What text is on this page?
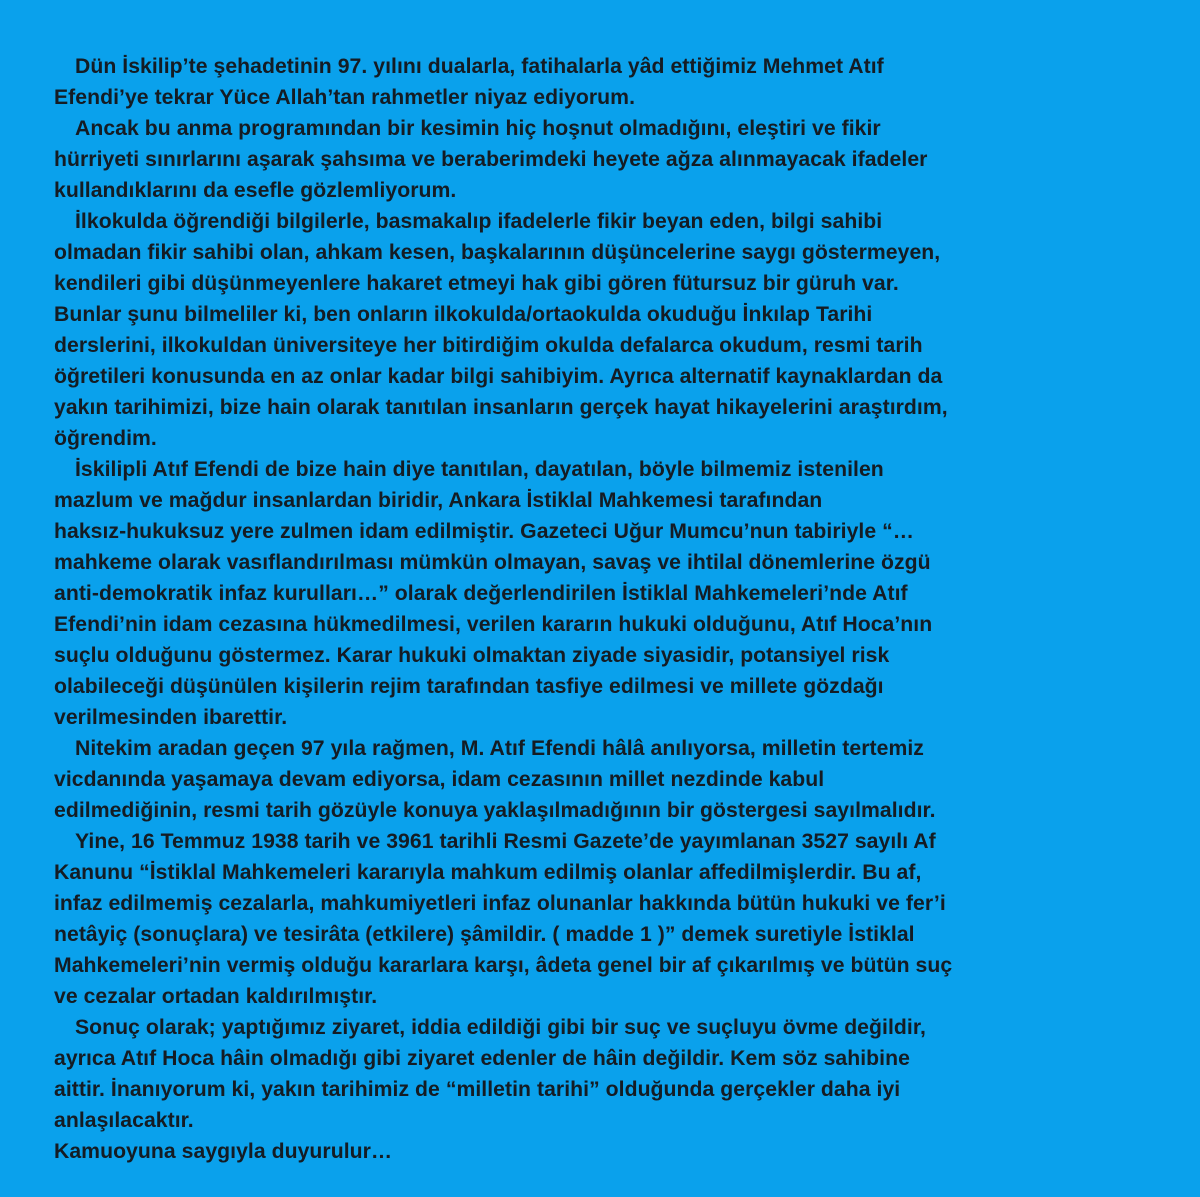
Dün İskilip’te şehadetinin 97. yılını dualarla, fatihalarla yâd ettiğimiz Mehmet Atıf
Efendi’ye tekrar Yüce Allah’tan rahmetler niyaz ediyorum.
Ancak bu anma programından bir kesimin hiç hoşnut olmadığını, eleştiri ve fikir
hürriyeti sınırlarını aşarak şahsıma ve beraberimdeki heyete ağza alınmayacak ifadeler
kullandıklarını da esefle gözlemliyorum.
İlkokulda öğrendiği bilgilerle, basmakalıp ifadelerle fikir beyan eden, bilgi sahibi
olmadan fikir sahibi olan, ahkam kesen, başkalarının düşüncelerine saygı göstermeyen,
kendileri gibi düşünmeyenlere hakaret etmeyi hak gibi gören fütursuz bir güruh var.
Bunlar şunu bilmeliler ki, ben onların ilkokulda/ortaokulda okuduğu İnkılap Tarihi
derslerini, ilkokuldan üniversiteye her bitirdiğim okulda defalarca okudum, resmi tarih
öğretileri konusunda en az onlar kadar bilgi sahibiyim. Ayrıca alternatif kaynaklardan da
yakın tarihimizi, bize hain olarak tanıtılan insanların gerçek hayat hikayelerini araştırdım,
öğrendim.
İskilipli Atıf Efendi de bize hain diye tanıtılan, dayatılan, böyle bilmemiz istenilen
mazlum ve mağdur insanlardan biridir, Ankara İstiklal Mahkemesi tarafından
haksız-hukuksuz yere zulmen idam edilmiştir. Gazeteci Uğur Mumcu’nun tabiriyle “…
mahkeme olarak vasıflandırılması mümkün olmayan, savaş ve ihtilal dönemlerine özgü
anti-demokratik infaz kurulları…” olarak değerlendirilen İstiklal Mahkemeleri’nde Atıf
Efendi’nin idam cezasına hükmedilmesi, verilen kararın hukuki olduğunu, Atıf Hoca’nın
suçlu olduğunu göstermez. Karar hukuki olmaktan ziyade siyasidir, potansiyel risk
olabileceği düşünülen kişilerin rejim tarafından tasfiye edilmesi ve millete gözdağı
verilmesinden ibarettir.
Nitekim aradan geçen 97 yıla rağmen, M. Atıf Efendi hâlâ anılıyorsa, milletin tertemiz
vicdanında yaşamaya devam ediyorsa, idam cezasının millet nezdinde kabul
edilmediğinin, resmi tarih gözüyle konuya yaklaşılmadığının bir göstergesi sayılmalıdır.
Yine, 16 Temmuz 1938 tarih ve 3961 tarihli Resmi Gazete’de yayımlanan 3527 sayılı Af
Kanunu “İstiklal Mahkemeleri kararıyla mahkum edilmiş olanlar affedilmişlerdir. Bu af,
infaz edilmemiş cezalarla, mahkumiyetleri infaz olunanlar hakkında bütün hukuki ve fer’i
netâyiç (sonuçlara) ve tesirâta (etkilere) şâmildir. ( madde 1 )” demek suretiyle İstiklal
Mahkemeleri’nin vermiş olduğu kararlara karşı, âdeta genel bir af çıkarılmış ve bütün suç
ve cezalar ortadan kaldırılmıştır.
Sonuç olarak; yaptığımız ziyaret, iddia edildiği gibi bir suç ve suçluyu övme değildir,
ayrıca Atıf Hoca hâin olmadığı gibi ziyaret edenler de hâin değildir. Kem söz sahibine
aittir. İnanıyorum ki, yakın tarihimiz de “milletin tarihi” olduğunda gerçekler daha iyi
anlaşılacaktır.
Kamuoyuna saygıyla duyurulur…
